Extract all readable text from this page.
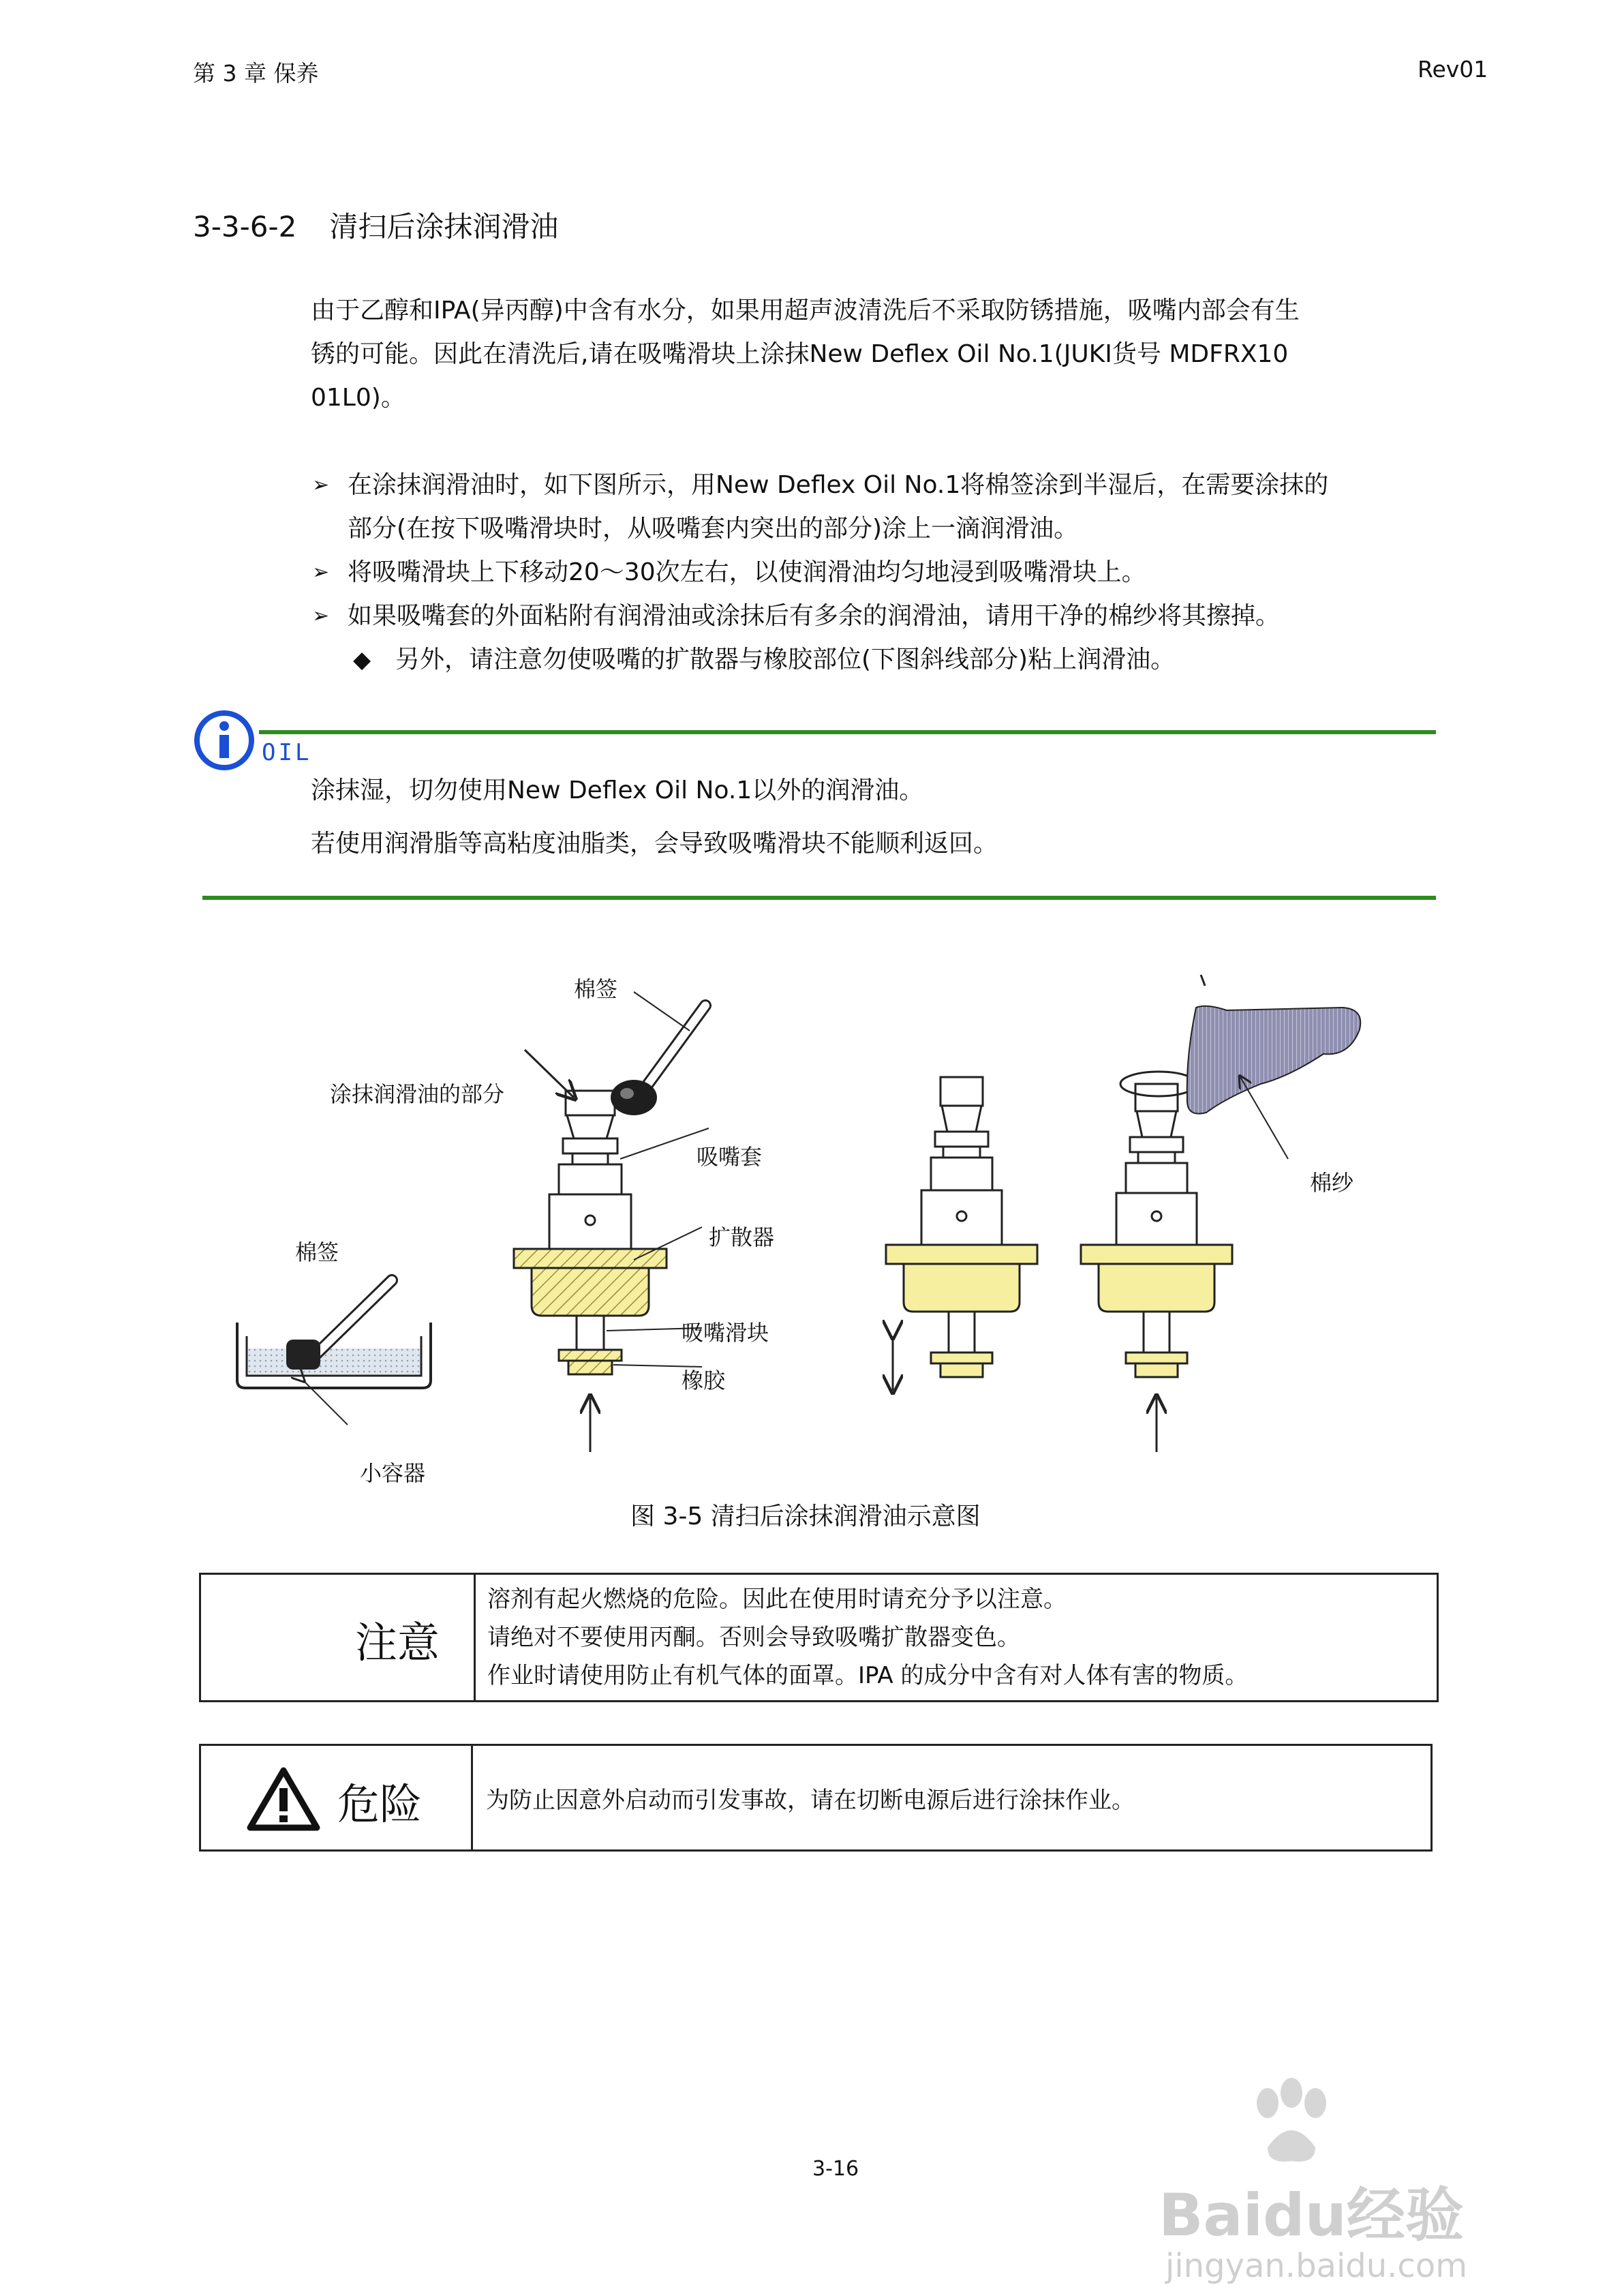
第 3 章 保养	Rev01
3-3-6-2 清扫后涂抹润滑油
由于乙醇和IPA(异丙醇)中含有水分，如果用超声波清洗后不采取防锈措施，吸嘴内部会有生
锈的可能。因此在清洗后,请在吸嘴滑块上涂抹New Deflex Oil No.1(JUKI货号 MDFRX10
01L0)。
➢ 在涂抹润滑油时，如下图所示，用New Deflex Oil No.1将棉签涂到半湿后，在需要涂抹的
部分(在按下吸嘴滑块时，从吸嘴套内突出的部分)涂上一滴润滑油。
➢ 将吸嘴滑块上下移动20～30次左右，以使润滑油均匀地浸到吸嘴滑块上。
➢ 如果吸嘴套的外面粘附有润滑油或涂抹后有多余的润滑油，请用干净的棉纱将其擦掉。
◆ 另外，请注意勿使吸嘴的扩散器与橡胶部位(下图斜线部分)粘上润滑油。
OIL
涂抹湿，切勿使用New Deflex Oil No.1以外的润滑油。
若使用润滑脂等高粘度油脂类，会导致吸嘴滑块不能顺利返回。
棉签
涂抹润滑油的部分
吸嘴套
扩散器
棉签
吸嘴滑块
橡胶
小容器
棉纱
图 3-5 清扫后涂抹润滑油示意图
注意
溶剂有起火燃烧的危险。因此在使用时请充分予以注意。
请绝对不要使用丙酮。否则会导致吸嘴扩散器变色。
作业时请使用防止有机气体的面罩。IPA 的成分中含有对人体有害的物质。
危险	为防止因意外启动而引发事故，请在切断电源后进行涂抹作业。
3-16
Baidu经验
jingyan.baidu.com
